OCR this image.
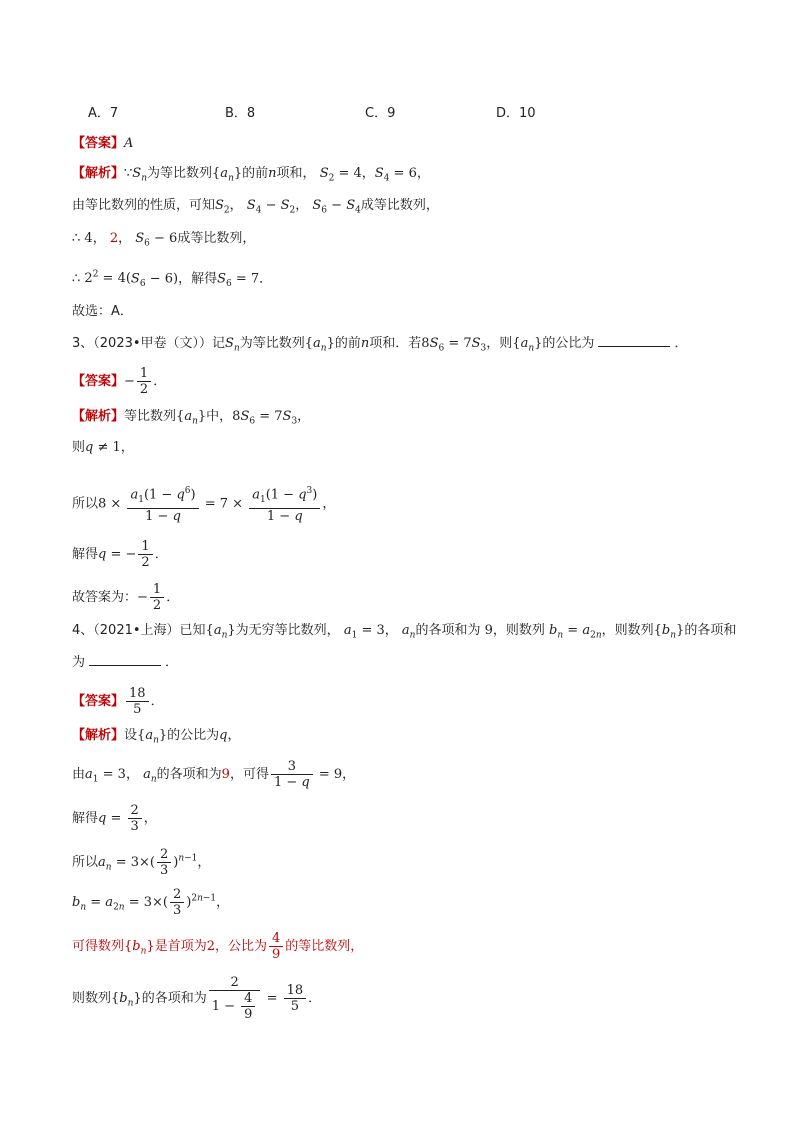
A．7	B．8	C．9	D．10
【答案】A
【解析】$\because S_n$为等比数列$\{a_n\}$的前n项和， $S_2 = 4$，$S_4 = 6$，
由等比数列的性质，可知$S_2$， $S_4 - S_2$， $S_6 - S_4$成等比数列，
∴ 4， 2， $S_6 - 6$成等比数列，
∴ $2^2 = 4(S_6 - 6)$，解得$S_6 = 7$．
故选：A．
3、（2023•甲卷（文））记$S_n$为等比数列$\{a_n\}$的前n项和．若$8S_6 = 7S_3$，则$\{a_n\}$的公比为	．
【答案】− $\frac{1}{2}$ ．
【解析】等比数列$\{a_n\}$中，$8S_6 = 7S_3$，
则q ≠ 1，
所以$8 \times \frac{a_1(1 - q^6)}{1 - q} = 7 \times \frac{a_1(1 - q^3)}{1 - q}$ ，
解得q = − $\frac{1}{2}$ ．
故答案为：− $\frac{1}{2}$ ．
4、（2021•上海）已知$\{a_n\}$为无穷等比数列， $a_1 = 3$， $a_n$的各项和为 9，则数列 $b_n = a_{2n}$，则数列$\{b_n\}$的各项和
为	．
【答案】 $\frac{18}{5}$ ．
【解析】设$\{a_n\}$的公比为q，
由$a_1 = 3$， $a_n$的各项和为9，可得 $\frac{3}{1 - q} = 9$，
解得$q = \frac{2}{3}$ ，
所以$a_n = 3\times( \frac{2}{3} )^{n-1}$，
$b_n = a_{2n} = 3\times( \frac{2}{3} )^{2n-1}$，
可得数列$\{b_n\}$是首项为2，公比为 $\frac{4}{9}$ 的等比数列，
则数列$\{b_n\}$的各项和为 $\frac{2}{1 - \frac{4}{9}} = \frac{18}{5}$ ．
